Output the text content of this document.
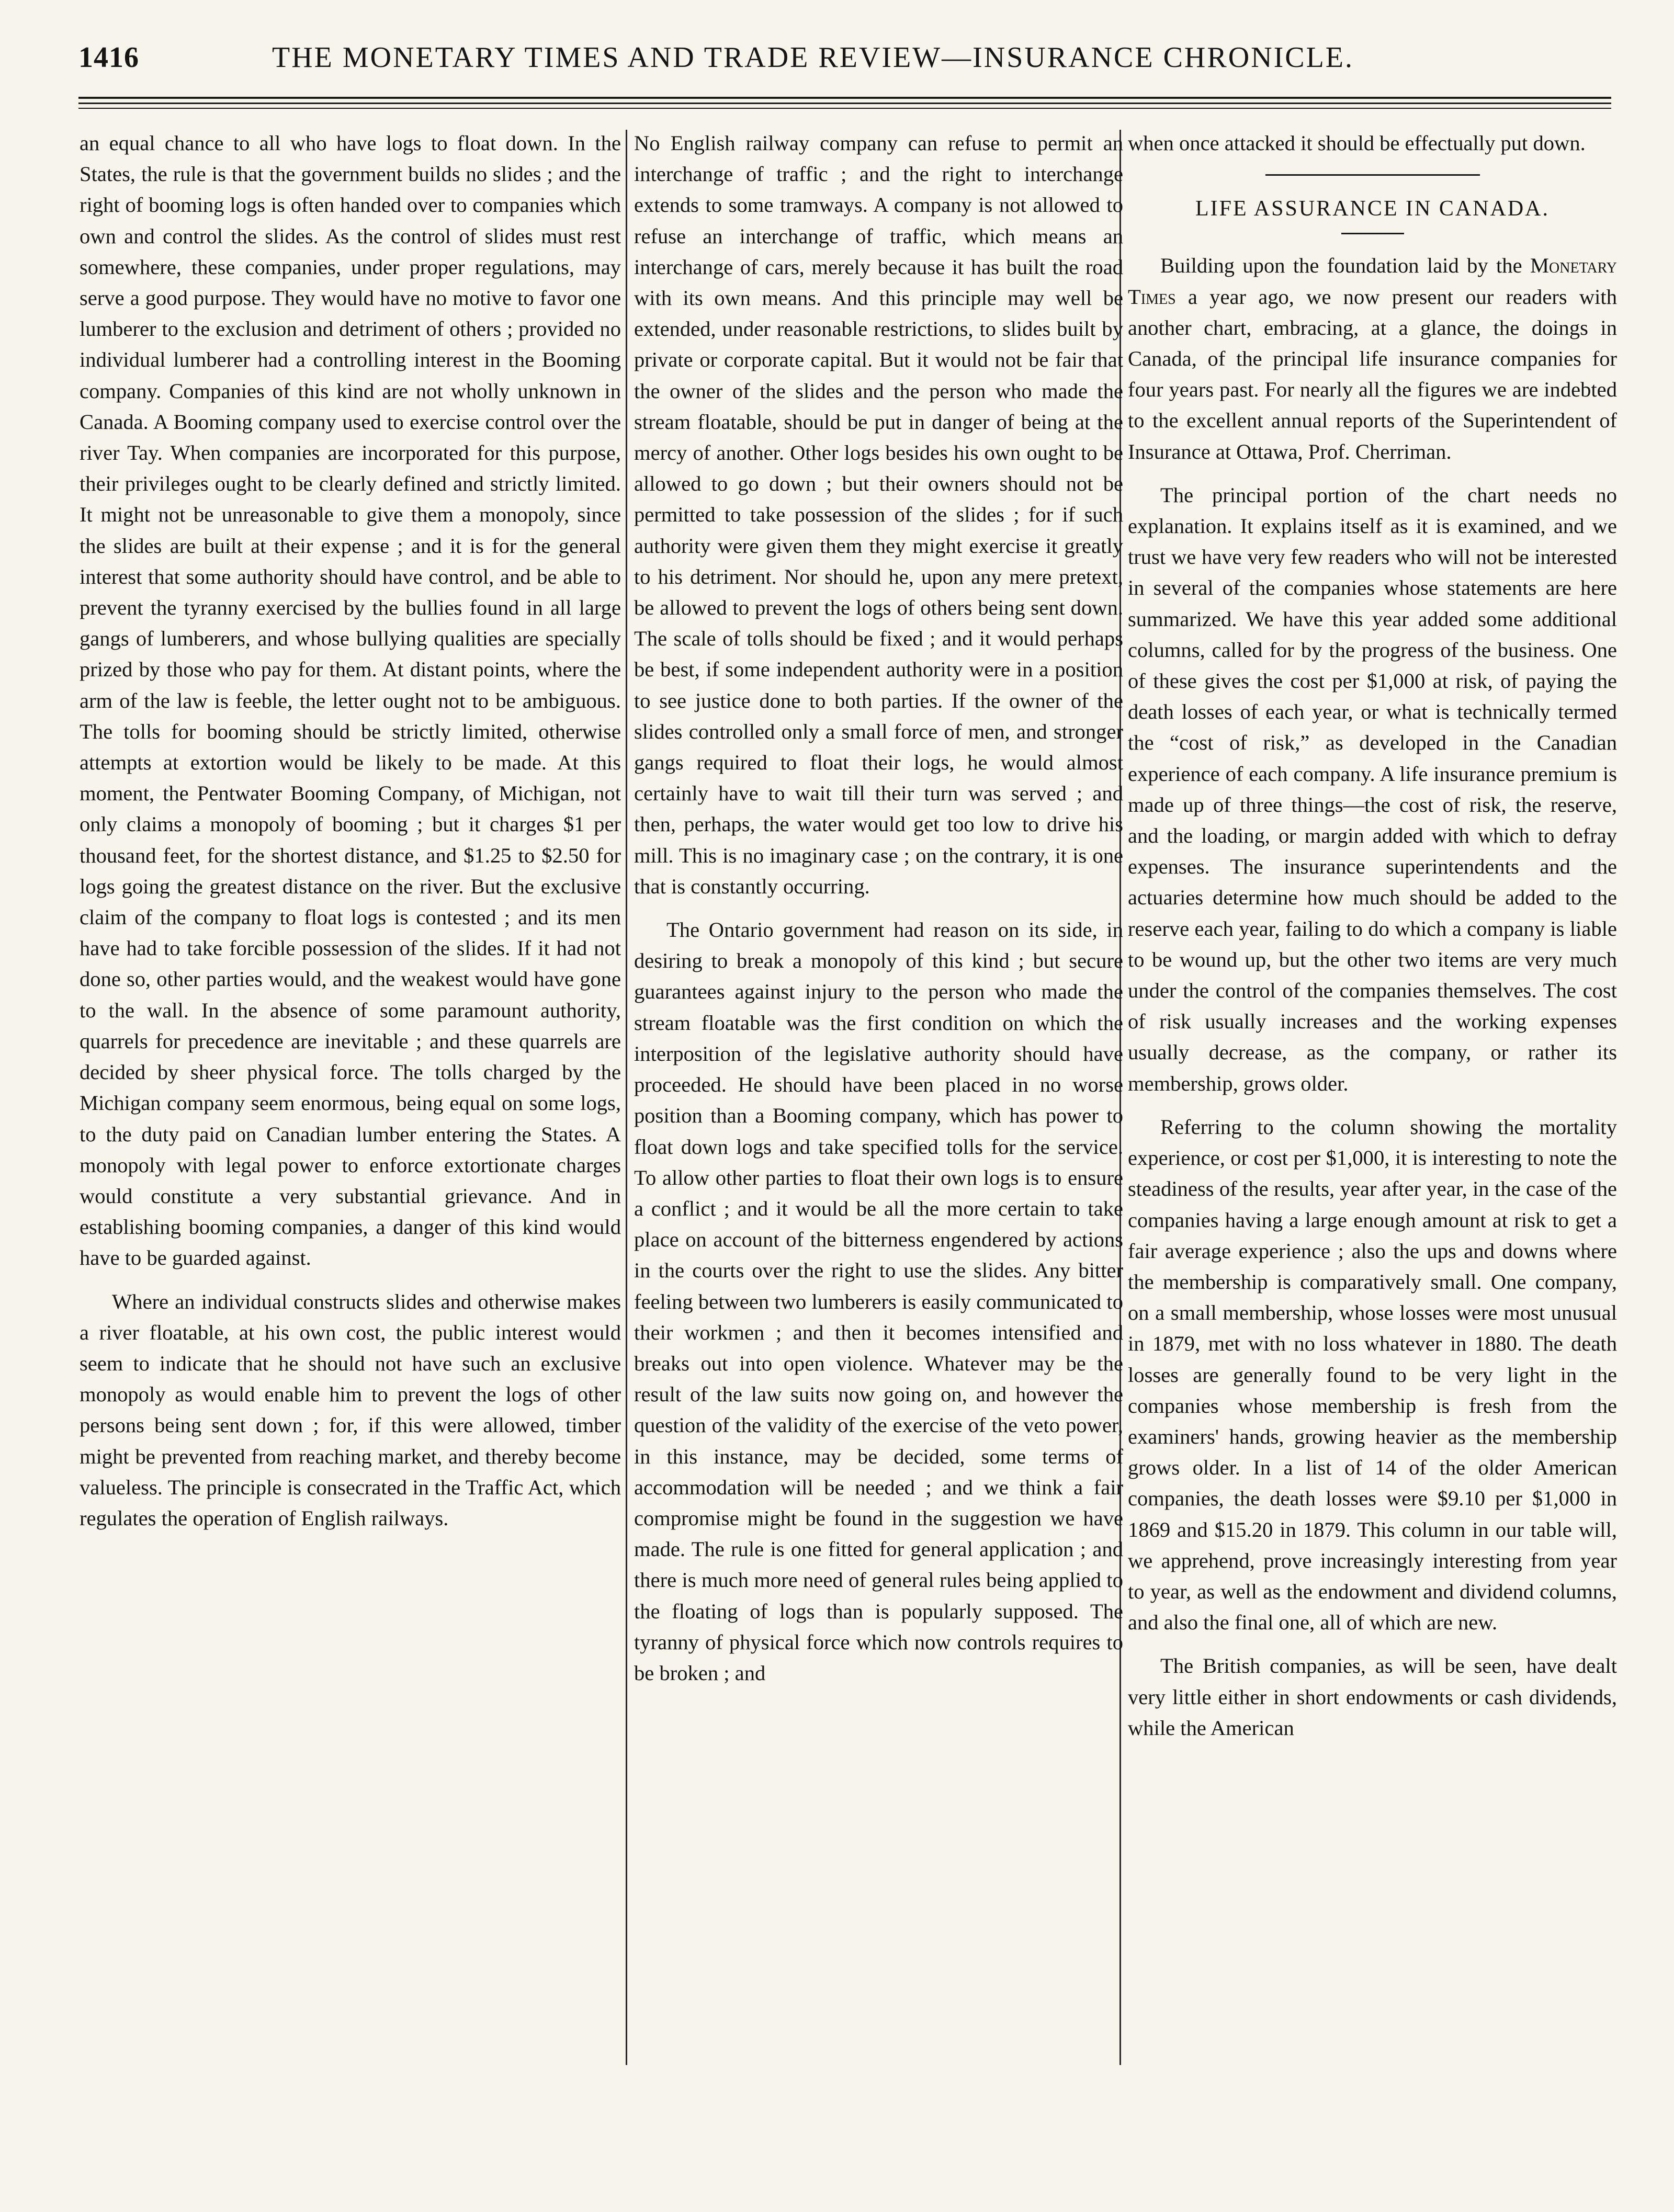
1416	THE MONETARY TIMES AND TRADE REVIEW—INSURANCE CHRONICLE.

an equal chance to all who have logs to float down. In the States, the rule is that the government builds no slides ; and the right of booming logs is often handed over to companies which own and control the slides. As the control of slides must rest somewhere, these companies, under proper regulations, may serve a good purpose. They would have no motive to favor one lumberer to the exclusion and detriment of others ; provided no individual lumberer had a controlling interest in the Booming company. Companies of this kind are not wholly unknown in Canada. A Booming company used to exercise control over the river Tay. When companies are incorporated for this purpose, their privileges ought to be clearly defined and strictly limited. It might not be unreasonable to give them a monopoly, since the slides are built at their expense ; and it is for the general interest that some authority should have control, and be able to prevent the tyranny exercised by the bullies found in all large gangs of lumberers, and whose bullying qualities are specially prized by those who pay for them. At distant points, where the arm of the law is feeble, the letter ought not to be ambiguous. The tolls for booming should be strictly limited, otherwise attempts at extortion would be likely to be made. At this moment, the Pentwater Booming Company, of Michigan, not only claims a monopoly of booming ; but it charges $1 per thousand feet, for the shortest distance, and $1.25 to $2.50 for logs going the greatest distance on the river. But the exclusive claim of the company to float logs is contested ; and its men have had to take forcible possession of the slides. If it had not done so, other parties would, and the weakest would have gone to the wall. In the absence of some paramount authority, quarrels for precedence are inevitable ; and these quarrels are decided by sheer physical force. The tolls charged by the Michigan company seem enormous, being equal on some logs, to the duty paid on Canadian lumber entering the States. A monopoly with legal power to enforce extortionate charges would constitute a very substantial grievance. And in establishing booming companies, a danger of this kind would have to be guarded against.

Where an individual constructs slides and otherwise makes a river floatable, at his own cost, the public interest would seem to indicate that he should not have such an exclusive monopoly as would enable him to prevent the logs of other persons being sent down ; for, if this were allowed, timber might be prevented from reaching market, and thereby become valueless. The principle is consecrated in the Traffic Act, which regulates the operation of English railways.

No English railway company can refuse to permit an interchange of traffic ; and the right to interchange extends to some tramways. A company is not allowed to refuse an interchange of traffic, which means an interchange of cars, merely because it has built the road with its own means. And this principle may well be extended, under reasonable restrictions, to slides built by private or corporate capital. But it would not be fair that the owner of the slides and the person who made the stream floatable, should be put in danger of being at the mercy of another. Other logs besides his own ought to be allowed to go down ; but their owners should not be permitted to take possession of the slides ; for if such authority were given them they might exercise it greatly to his detriment. Nor should he, upon any mere pretext, be allowed to prevent the logs of others being sent down. The scale of tolls should be fixed ; and it would perhaps be best, if some independent authority were in a position to see justice done to both parties. If the owner of the slides controlled only a small force of men, and stronger gangs required to float their logs, he would almost certainly have to wait till their turn was served ; and then, perhaps, the water would get too low to drive his mill. This is no imaginary case ; on the contrary, it is one that is constantly occurring.

The Ontario government had reason on its side, in desiring to break a monopoly of this kind ; but secure guarantees against injury to the person who made the stream floatable was the first condition on which the interposition of the legislative authority should have proceeded. He should have been placed in no worse position than a Booming company, which has power to float down logs and take specified tolls for the service. To allow other parties to float their own logs is to ensure a conflict ; and it would be all the more certain to take place on account of the bitterness engendered by actions in the courts over the right to use the slides. Any bitter feeling between two lumberers is easily communicated to their workmen ; and then it becomes intensified and breaks out into open violence. Whatever may be the result of the law suits now going on, and however the question of the validity of the exercise of the veto power, in this instance, may be decided, some terms of accommodation will be needed ; and we think a fair compromise might be found in the suggestion we have made. The rule is one fitted for general application ; and there is much more need of general rules being applied to the floating of logs than is popularly supposed. The tyranny of physical force which now controls requires to be broken ; and

when once attacked it should be effectually put down.

LIFE ASSURANCE IN CANADA.

Building upon the foundation laid by the Monetary Times a year ago, we now present our readers with another chart, embracing, at a glance, the doings in Canada, of the principal life insurance companies for four years past. For nearly all the figures we are indebted to the excellent annual reports of the Superintendent of Insurance at Ottawa, Prof. Cherriman.

The principal portion of the chart needs no explanation. It explains itself as it is examined, and we trust we have very few readers who will not be interested in several of the companies whose statements are here summarized. We have this year added some additional columns, called for by the progress of the business. One of these gives the cost per $1,000 at risk, of paying the death losses of each year, or what is technically termed the “cost of risk,” as developed in the Canadian experience of each company. A life insurance premium is made up of three things—the cost of risk, the reserve, and the loading, or margin added with which to defray expenses. The insurance superintendents and the actuaries determine how much should be added to the reserve each year, failing to do which a company is liable to be wound up, but the other two items are very much under the control of the companies themselves. The cost of risk usually increases and the working expenses usually decrease, as the company, or rather its membership, grows older.

Referring to the column showing the mortality experience, or cost per $1,000, it is interesting to note the steadiness of the results, year after year, in the case of the companies having a large enough amount at risk to get a fair average experience ; also the ups and downs where the membership is comparatively small. One company, on a small membership, whose losses were most unusual in 1879, met with no loss whatever in 1880. The death losses are generally found to be very light in the companies whose membership is fresh from the examiners' hands, growing heavier as the membership grows older. In a list of 14 of the older American companies, the death losses were $9.10 per $1,000 in 1869 and $15.20 in 1879. This column in our table will, we apprehend, prove increasingly interesting from year to year, as well as the endowment and dividend columns, and also the final one, all of which are new.

The British companies, as will be seen, have dealt very little either in short endowments or cash dividends, while the American
